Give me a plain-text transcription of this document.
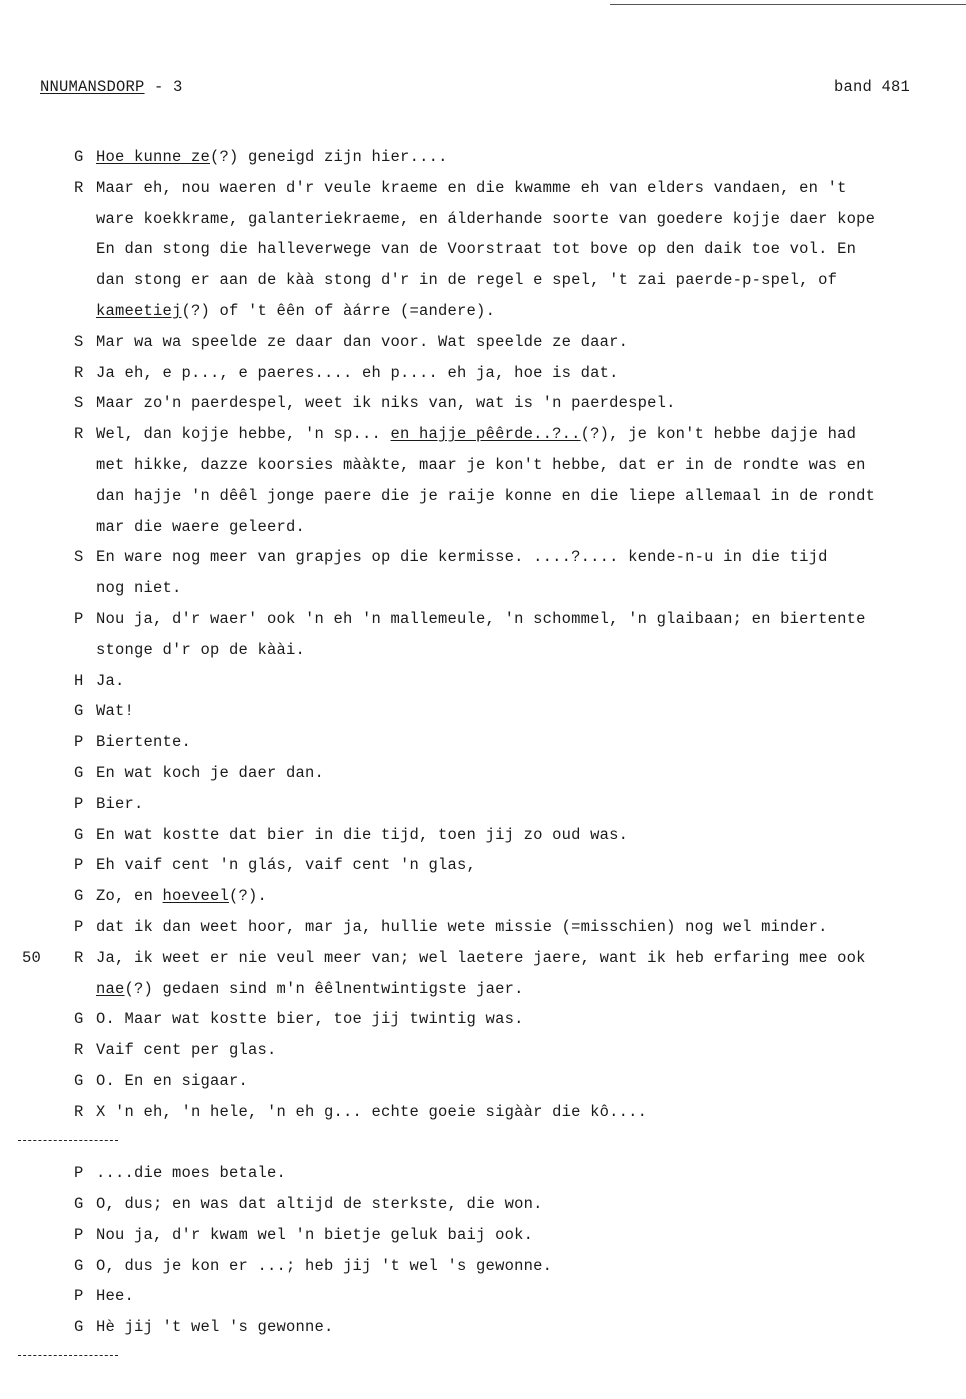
NNUMANSDORP - 3	band 481
G Hoe kunne ze(?) geneigd zijn hier....
R Maar eh, nou waeren d'r veule kraeme en die kwamme eh van elders vandaen, en 't
ware koekkrame, galanteriekraeme, en álderhande soorte van goedere kojje daer kope
En dan stong die halleverwege van de Voorstraat tot bove op den daik toe vol. En
dan stong er aan de kàà stong d'r in de regel e spel, 't zai paerde-p-spel, of
kameetiej(?) of 't êên of àárre (=andere).
S Mar wa wa speelde ze daar dan voor. Wat speelde ze daar.
R Ja eh, e p..., e paeres.... eh p.... eh ja, hoe is dat.
S Maar zo'n paerdespel, weet ik niks van, wat is 'n paerdespel.
R Wel, dan kojje hebbe, 'n sp... en hajje pêêrde..?..(?), je kon't hebbe dajje had
met hikke, dazze koorsies mààkte, maar je kon't hebbe, dat er in de rondte was en
dan hajje 'n dêêl jonge paere die je raije konne en die liepe allemaal in de rondt
mar die waere geleerd.
S En ware nog meer van grapjes op die kermisse. ....?.... kende-n-u in die tijd
nog niet.
P Nou ja, d'r waer' ook 'n eh 'n mallemeule, 'n schommel, 'n glaibaan; en biertente
stonge d'r op de kàài.
H Ja.
G Wat!
P Biertente.
G En wat koch je daer dan.
P Bier.
G En wat kostte dat bier in die tijd, toen jij zo oud was.
P Eh vaif cent 'n glás, vaif cent 'n glas,
G Zo, en hoeveel(?).
P dat ik dan weet hoor, mar ja, hullie wete missie (=misschien) nog wel minder.
50 R Ja, ik weet er nie veul meer van; wel laetere jaere, want ik heb erfaring mee ook
nae(?) gedaen sind m'n êêlnentwintigste jaer.
G O. Maar wat kostte bier, toe jij twintig was.
R Vaif cent per glas.
G O. En en sigaar.
R X 'n eh, 'n hele, 'n eh g... echte goeie sigààr die kô....
P ....die moes betale.
G O, dus; en was dat altijd de sterkste, die won.
P Nou ja, d'r kwam wel 'n bietje geluk baij ook.
G O, dus je kon er ...; heb jij 't wel 's gewonne.
P Hee.
G Hè jij 't wel 's gewonne.
